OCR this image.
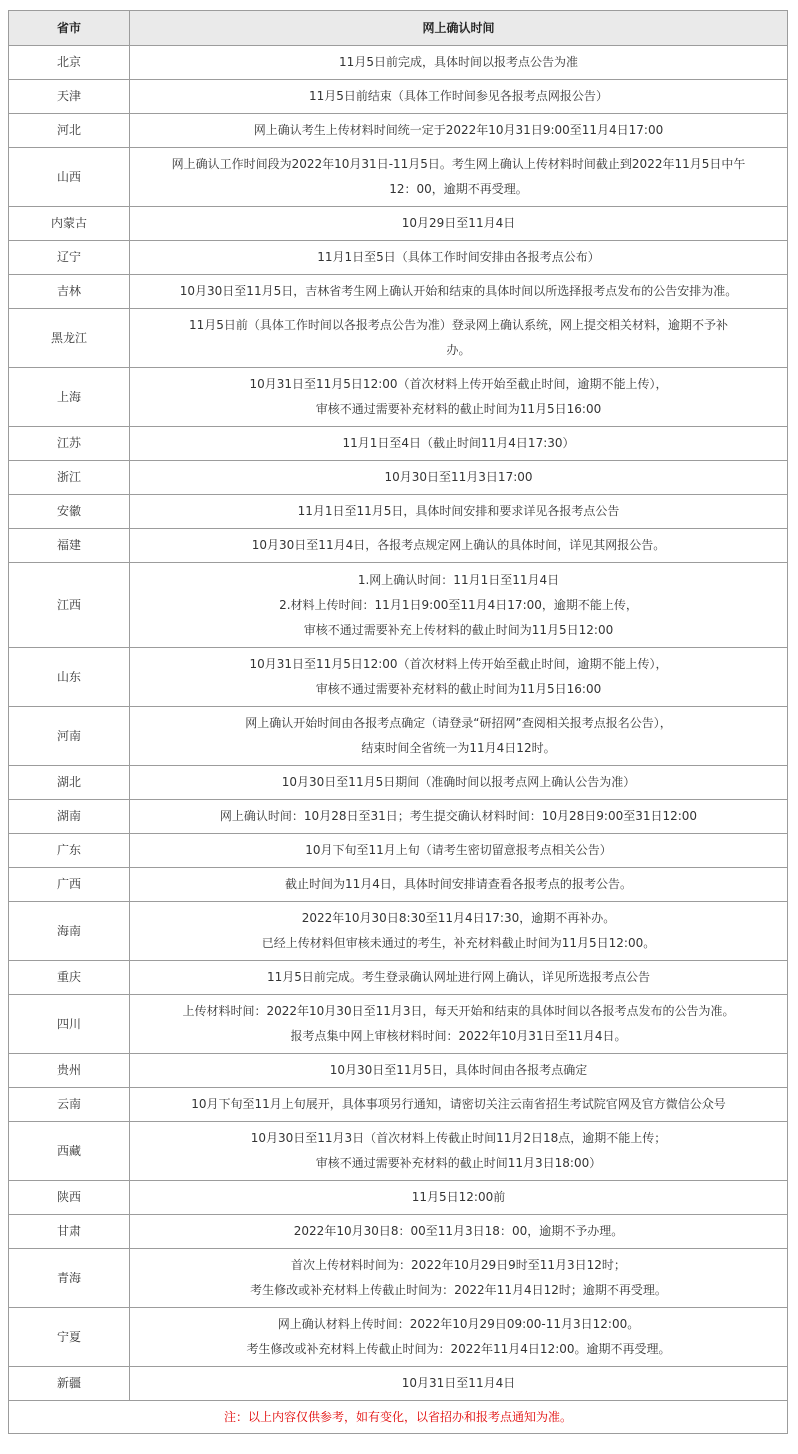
省市	网上确认时间
北京	11月5日前完成，具体时间以报考点公告为准

天津	11月5日前结束（具体工作时间参见各报考点网报公告）

河北	网上确认考生上传材料时间统一定于2022年10月31日9:00至11月4日17:00

山西	网上确认工作时间段为2022年10月31日-11月5日。考生网上确认上传材料时间截止到2022年11月5日中午
12：00，逾期不再受理。

内蒙古	10月29日至11月4日

辽宁	11月1日至5日（具体工作时间安排由各报考点公布）

吉林	10月30日至11月5日，吉林省考生网上确认开始和结束的具体时间以所选择报考点发布的公告安排为准。

黑龙江	11月5日前（具体工作时间以各报考点公告为准）登录网上确认系统，网上提交相关材料，逾期不予补
办。

上海	10月31日至11月5日12:00（首次材料上传开始至截止时间，逾期不能上传），
审核不通过需要补充材料的截止时间为11月5日16:00

江苏	11月1日至4日（截止时间11月4日17:30）

浙江	10月30日至11月3日17:00

安徽	11月1日至11月5日，具体时间安排和要求详见各报考点公告

福建	10月30日至11月4日，各报考点规定网上确认的具体时间，详见其网报公告。

江西	1.网上确认时间：11月1日至11月4日
2.材料上传时间：11月1日9:00至11月4日17:00，逾期不能上传，
审核不通过需要补充上传材料的截止时间为11月5日12:00

山东	10月31日至11月5日12:00（首次材料上传开始至截止时间，逾期不能上传），
审核不通过需要补充材料的截止时间为11月5日16:00

河南	网上确认开始时间由各报考点确定（请登录“研招网”查阅相关报考点报名公告），
结束时间全省统一为11月4日12时。

湖北	10月30日至11月5日期间（准确时间以报考点网上确认公告为准）

湖南	网上确认时间：10月28日至31日；考生提交确认材料时间：10月28日9:00至31日12:00

广东	10月下旬至11月上旬（请考生密切留意报考点相关公告）

广西	截止时间为11月4日，具体时间安排请查看各报考点的报考公告。

海南	2022年10月30日8:30至11月4日17:30，逾期不再补办。
已经上传材料但审核未通过的考生，补充材料截止时间为11月5日12:00。

重庆	11月5日前完成。考生登录确认网址进行网上确认，详见所选报考点公告

四川	上传材料时间：2022年10月30日至11月3日，每天开始和结束的具体时间以各报考点发布的公告为准。
报考点集中网上审核材料时间：2022年10月31日至11月4日。

贵州	10月30日至11月5日，具体时间由各报考点确定

云南	10月下旬至11月上旬展开，具体事项另行通知，请密切关注云南省招生考试院官网及官方微信公众号

西藏	10月30日至11月3日（首次材料上传截止时间11月2日18点，逾期不能上传；
审核不通过需要补充材料的截止时间11月3日18:00）

陕西	11月5日12:00前

甘肃	2022年10月30日8：00至11月3日18：00，逾期不予办理。

青海	首次上传材料时间为：2022年10月29日9时至11月3日12时；
考生修改或补充材料上传截止时间为：2022年11月4日12时；逾期不再受理。

宁夏	网上确认材料上传时间：2022年10月29日09:00-11月3日12:00。
考生修改或补充材料上传截止时间为：2022年11月4日12:00。逾期不再受理。

新疆	10月31日至11月4日

注：以上内容仅供参考，如有变化，以省招办和报考点通知为准。	
